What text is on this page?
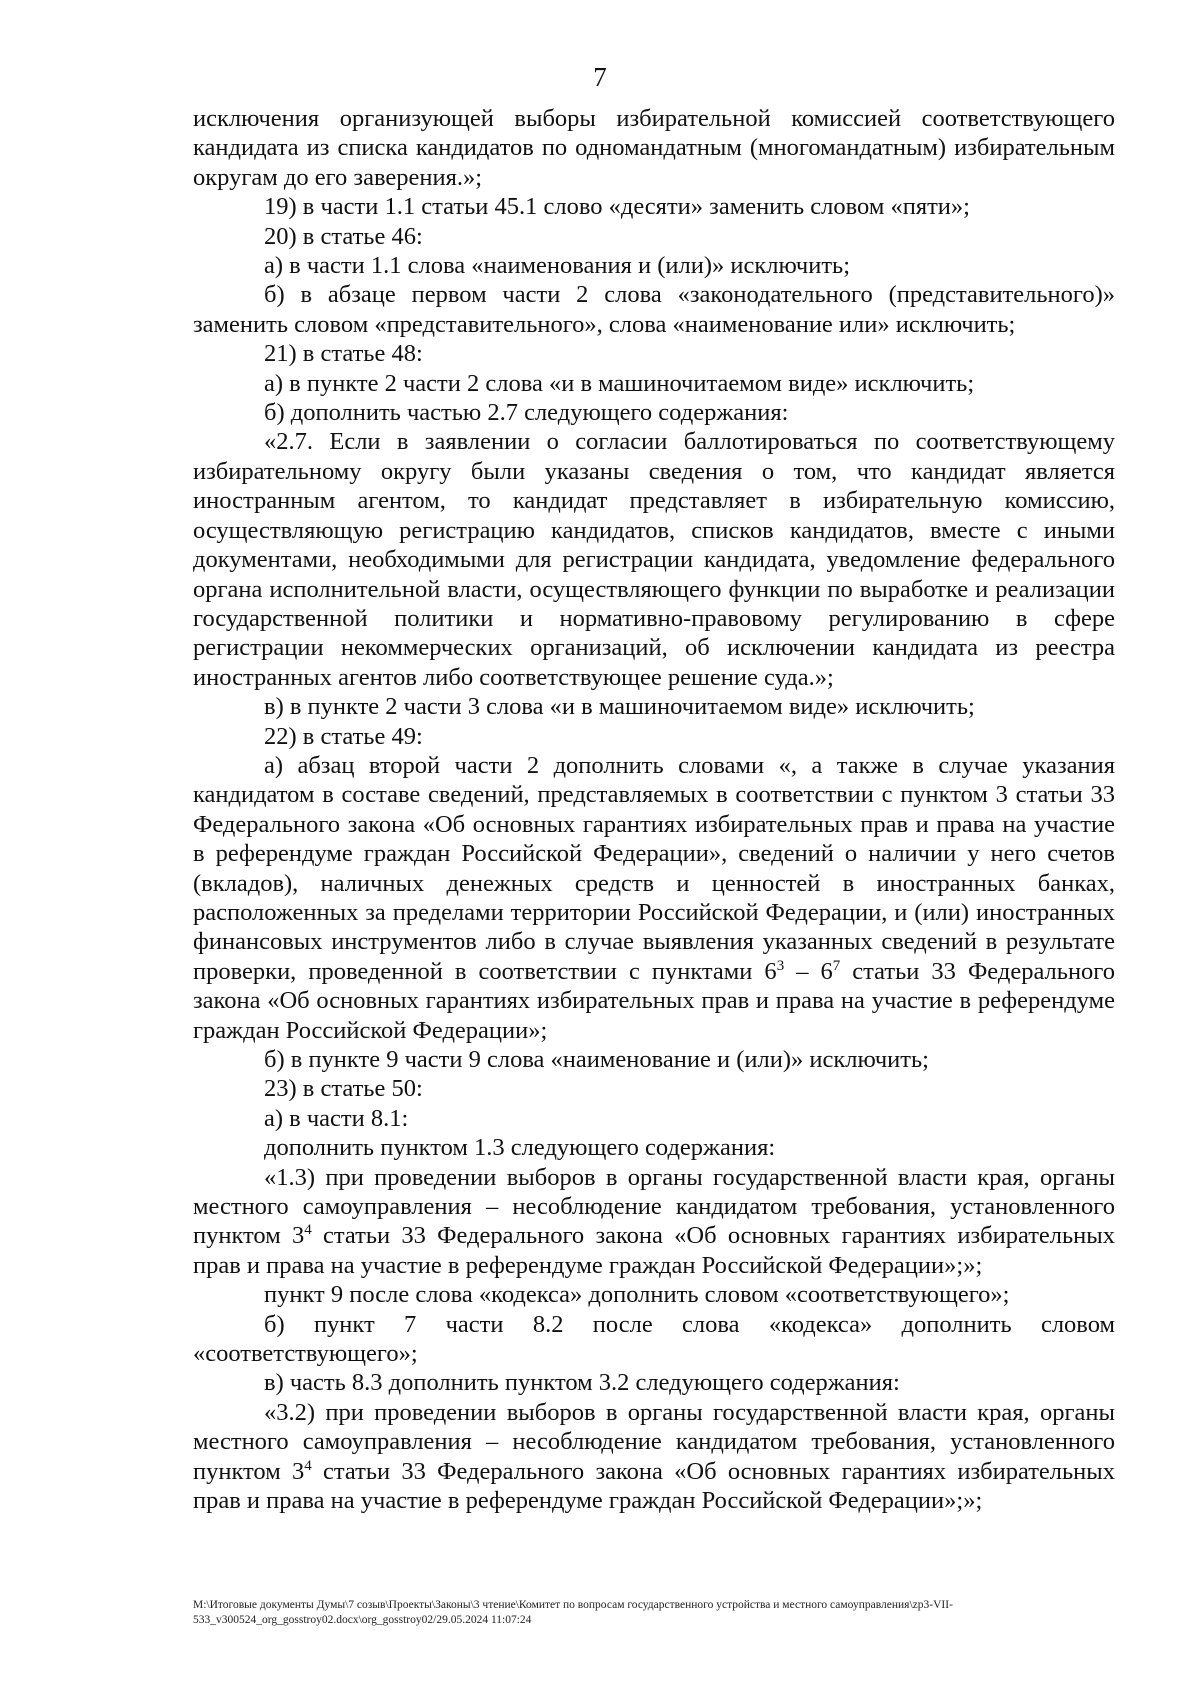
7

исключения организующей выборы избирательной комиссией соответствующего кандидата из списка кандидатов по одномандатным (многомандатным) избирательным округам до его заверения.»;

19) в части 1.1 статьи 45.1 слово «десяти» заменить словом «пяти»;

20) в статье 46:

а) в части 1.1 слова «наименования и (или)» исключить;

б) в абзаце первом части 2 слова «законодательного (представительного)» заменить словом «представительного», слова «наименование или» исключить;

21) в статье 48:

а) в пункте 2 части 2 слова «и в машиночитаемом виде» исключить;

б) дополнить частью 2.7 следующего содержания:

«2.7. Если в заявлении о согласии баллотироваться по соответствующему избирательному округу были указаны сведения о том, что кандидат является иностранным агентом, то кандидат представляет в избирательную комиссию, осуществляющую регистрацию кандидатов, списков кандидатов, вместе с иными документами, необходимыми для регистрации кандидата, уведомление федерального органа исполнительной власти, осуществляющего функции по выработке и реализации государственной политики и нормативно-правовому регулированию в сфере регистрации некоммерческих организаций, об исключении кандидата из реестра иностранных агентов либо соответствующее решение суда.»;

в) в пункте 2 части 3 слова «и в машиночитаемом виде» исключить;

22) в статье 49:

а) абзац второй части 2 дополнить словами «, а также в случае указания кандидатом в составе сведений, представляемых в соответствии с пунктом 3 статьи 33 Федерального закона «Об основных гарантиях избирательных прав и права на участие в референдуме граждан Российской Федерации», сведений о наличии у него счетов (вкладов), наличных денежных средств и ценностей в иностранных банках, расположенных за пределами территории Российской Федерации, и (или) иностранных финансовых инструментов либо в случае выявления указанных сведений в результате проверки, проведенной в соответствии с пунктами $6^3 - 6^7$ статьи 33 Федерального закона «Об основных гарантиях избирательных прав и права на участие в референдуме граждан Российской Федерации»;

б) в пункте 9 части 9 слова «наименование и (или)» исключить;

23) в статье 50:

а) в части 8.1:

дополнить пунктом 1.3 следующего содержания:

«1.3) при проведении выборов в органы государственной власти края, органы местного самоуправления – несоблюдение кандидатом требования, установленного пунктом $3^4$ статьи 33 Федерального закона «Об основных гарантиях избирательных прав и права на участие в референдуме граждан Российской Федерации»;»;

пункт 9 после слова «кодекса» дополнить словом «соответствующего»;

б) пункт 7 части 8.2 после слова «кодекса» дополнить словом «соответствующего»;

в) часть 8.3 дополнить пунктом 3.2 следующего содержания:

«3.2) при проведении выборов в органы государственной власти края, органы местного самоуправления – несоблюдение кандидатом требования, установленного пунктом $3^4$ статьи 33 Федерального закона «Об основных гарантиях избирательных прав и права на участие в референдуме граждан Российской Федерации»;»;

М:\Итоговые документы Думы\7 созыв\Проекты\Законы\3 чтение\Комитет по вопросам государственного устройства и местного самоуправления\zp3-VII-
533_v300524_org_gosstroy02.docx\org_gosstroy02/29.05.2024 11:07:24
